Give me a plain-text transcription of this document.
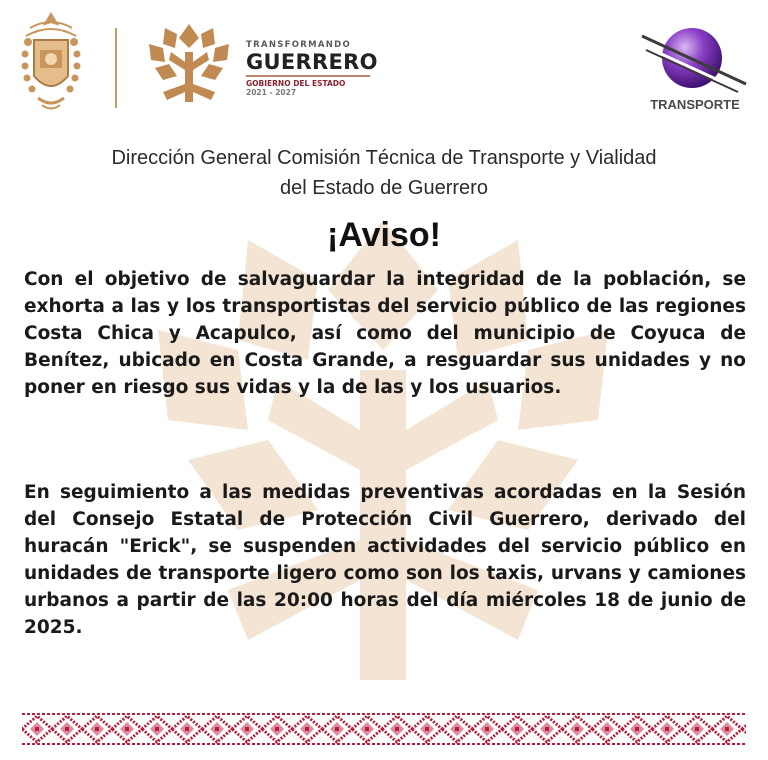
TRANSFORMANDO
GUERRERO
GOBIERNO DEL ESTADO
2021 - 2027
TRANSPORTE
Dirección General Comisión Técnica de Transporte y Vialidad
del Estado de Guerrero
¡Aviso!
Con el objetivo de salvaguardar la integridad de la población, se exhorta a las y los transportistas del servicio público de las regiones Costa Chica y Acapulco, así como del municipio de Coyuca de Benítez, ubicado en Costa Grande, a resguardar sus unidades y no poner en riesgo sus vidas y la de las y los usuarios.
En seguimiento a las medidas preventivas acordadas en la Sesión del Consejo Estatal de Protección Civil Guerrero, derivado del huracán "Erick", se suspenden actividades del servicio público en unidades de transporte ligero como son los taxis, urvans y camiones urbanos a partir de las 20:00 horas del día miércoles 18 de junio de 2025.
